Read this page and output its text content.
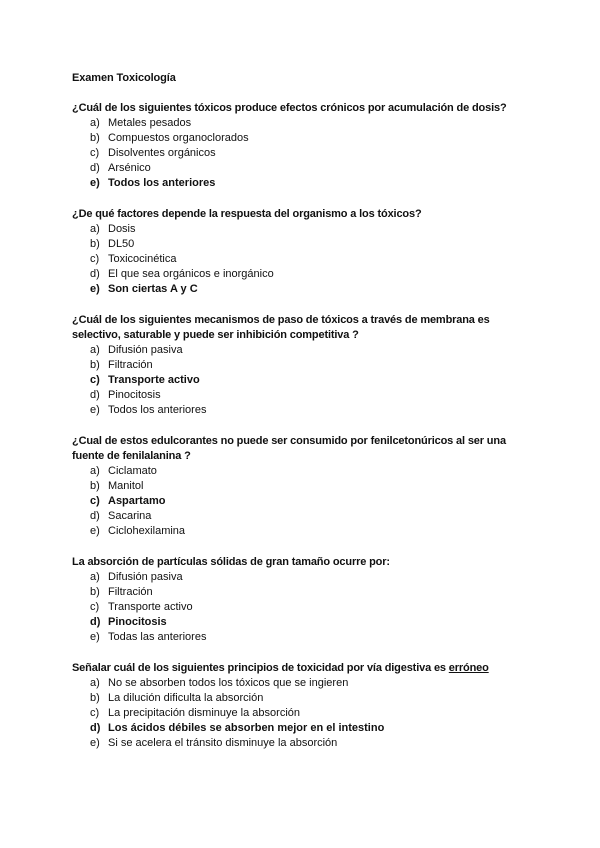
Examen Toxicología
¿Cuál de los siguientes tóxicos produce efectos crónicos por acumulación de dosis?
a) Metales pesados
b) Compuestos organoclorados
c) Disolventes orgánicos
d) Arsénico
e) Todos los anteriores
¿De qué factores depende la respuesta del organismo a los tóxicos?
a) Dosis
b) DL50
c) Toxicocinética
d) El que sea orgánicos e inorgánico
e) Son ciertas A y C
¿Cuál de los siguientes mecanismos de paso de tóxicos a través de membrana es selectivo, saturable y puede ser inhibición competitiva ?
a) Difusión pasiva
b) Filtración
c) Transporte activo
d) Pinocitosis
e) Todos los anteriores
¿Cual de estos edulcorantes no puede ser consumido por fenilcetonúricos al ser una fuente de fenilalanina ?
a) Ciclamato
b) Manitol
c) Aspartamo
d) Sacarina
e) Ciclohexilamina
La absorción de partículas sólidas de gran tamaño ocurre por:
a) Difusión pasiva
b) Filtración
c) Transporte activo
d) Pinocitosis
e) Todas las anteriores
Señalar cuál de los siguientes principios de toxicidad por vía digestiva es erróneo
a) No se absorben todos los tóxicos que se ingieren
b) La dilución dificulta la absorción
c) La precipitación disminuye la absorción
d) Los ácidos débiles se absorben mejor en el intestino
e) Si se acelera el tránsito disminuye la absorción
